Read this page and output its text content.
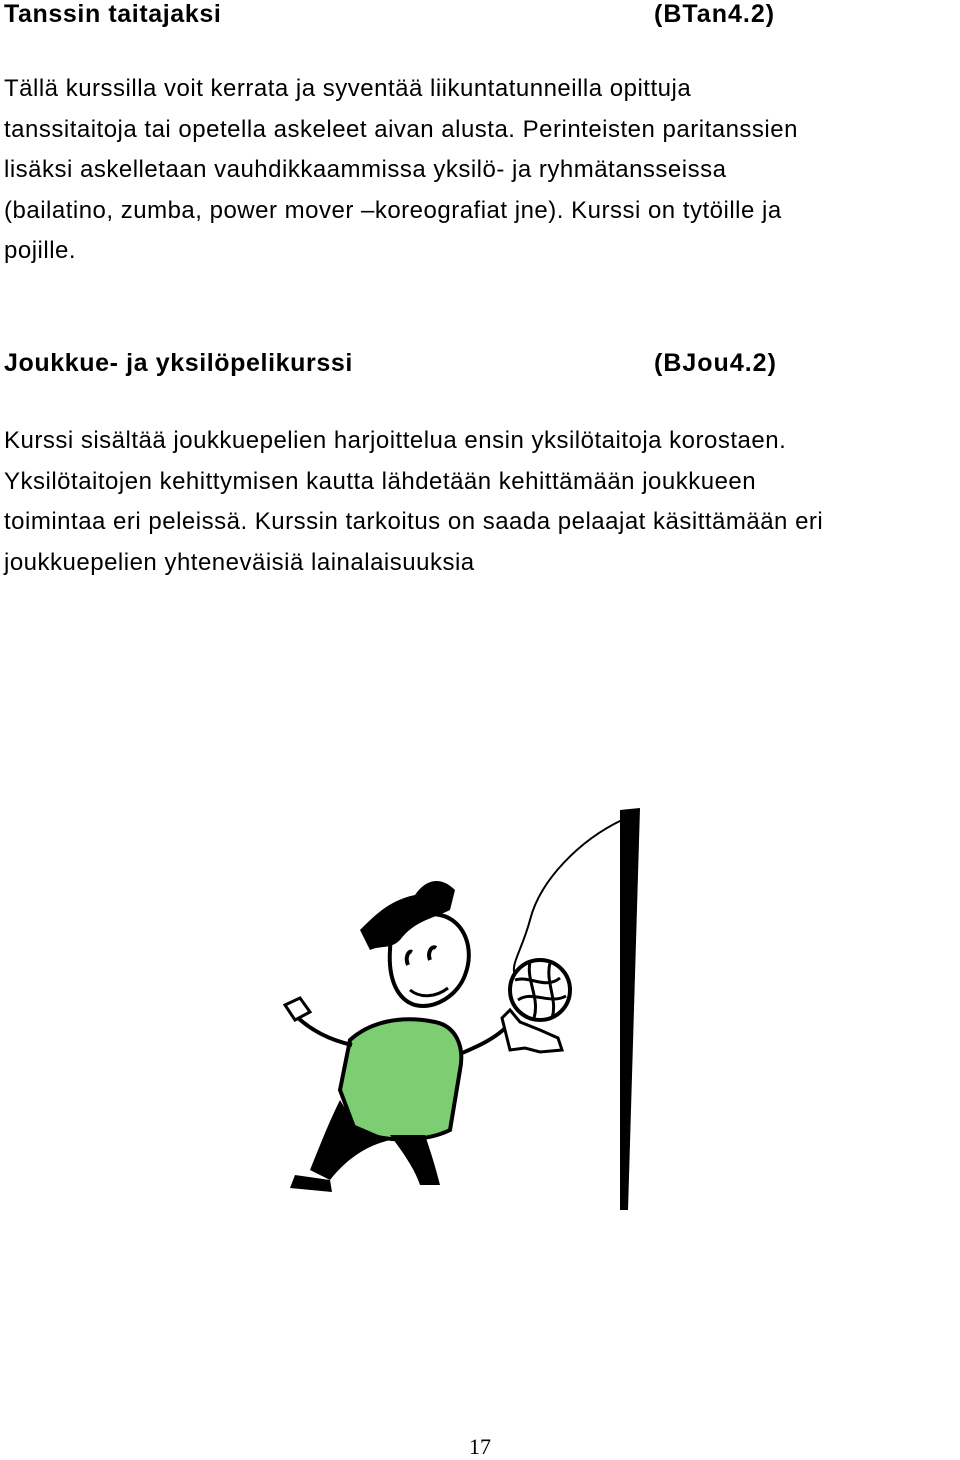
Tanssin taitajaksi	(BTan4.2)

Tällä kurssilla voit kerrata ja syventää liikuntatunneilla opittuja
tanssitaitoja tai opetella askeleet aivan alusta. Perinteisten paritanssien
lisäksi askelletaan vauhdikkaammissa yksilö- ja ryhmätansseissa
(bailatino, zumba, power mover –koreografiat jne). Kurssi on tytöille ja
pojille.

Joukkue- ja yksilöpelikurssi	(BJou4.2)

Kurssi sisältää joukkuepelien harjoittelua ensin yksilötaitoja korostaen.
Yksilötaitojen kehittymisen kautta lähdetään kehittämään joukkueen
toimintaa eri peleissä. Kurssin tarkoitus on saada pelaajat käsittämään eri
joukkuepelien yhteneväisiä lainalaisuuksia

17
